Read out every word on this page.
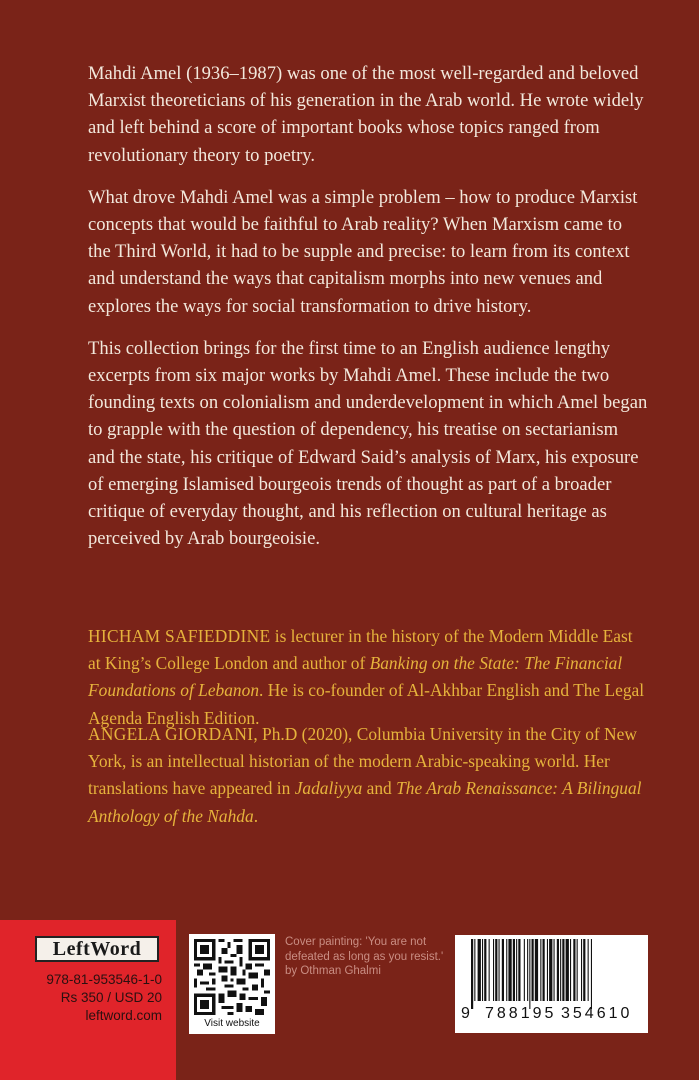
Mahdi Amel (1936–1987) was one of the most well-regarded and beloved Marxist theoreticians of his generation in the Arab world. He wrote widely and left behind a score of important books whose topics ranged from revolutionary theory to poetry.

What drove Mahdi Amel was a simple problem – how to produce Marxist concepts that would be faithful to Arab reality? When Marxism came to the Third World, it had to be supple and precise: to learn from its context and understand the ways that capitalism morphs into new venues and explores the ways for social transformation to drive history.

This collection brings for the first time to an English audience lengthy excerpts from six major works by Mahdi Amel. These include the two founding texts on colonialism and underdevelopment in which Amel began to grapple with the question of dependency, his treatise on sectarianism and the state, his critique of Edward Said’s analysis of Marx, his exposure of emerging Islamised bourgeois trends of thought as part of a broader critique of everyday thought, and his reflection on cultural heritage as perceived by Arab bourgeoisie.

HICHAM SAFIEDDINE is lecturer in the history of the Modern Middle East at King’s College London and author of Banking on the State: The Financial Foundations of Lebanon. He is co-founder of Al-Akhbar English and The Legal Agenda English Edition.

ANGELA GIORDANI, Ph.D (2020), Columbia University in the City of New York, is an intellectual historian of the modern Arabic-speaking world. Her translations have appeared in Jadaliyya and The Arab Renaissance: A Bilingual Anthology of the Nahda.

LeftWord
978-81-953546-1-0
Rs 350 / USD 20
leftword.com
Visit website
Cover painting: 'You are not defeated as long as you resist.' by Othman Ghalmi
9 788195 354610
